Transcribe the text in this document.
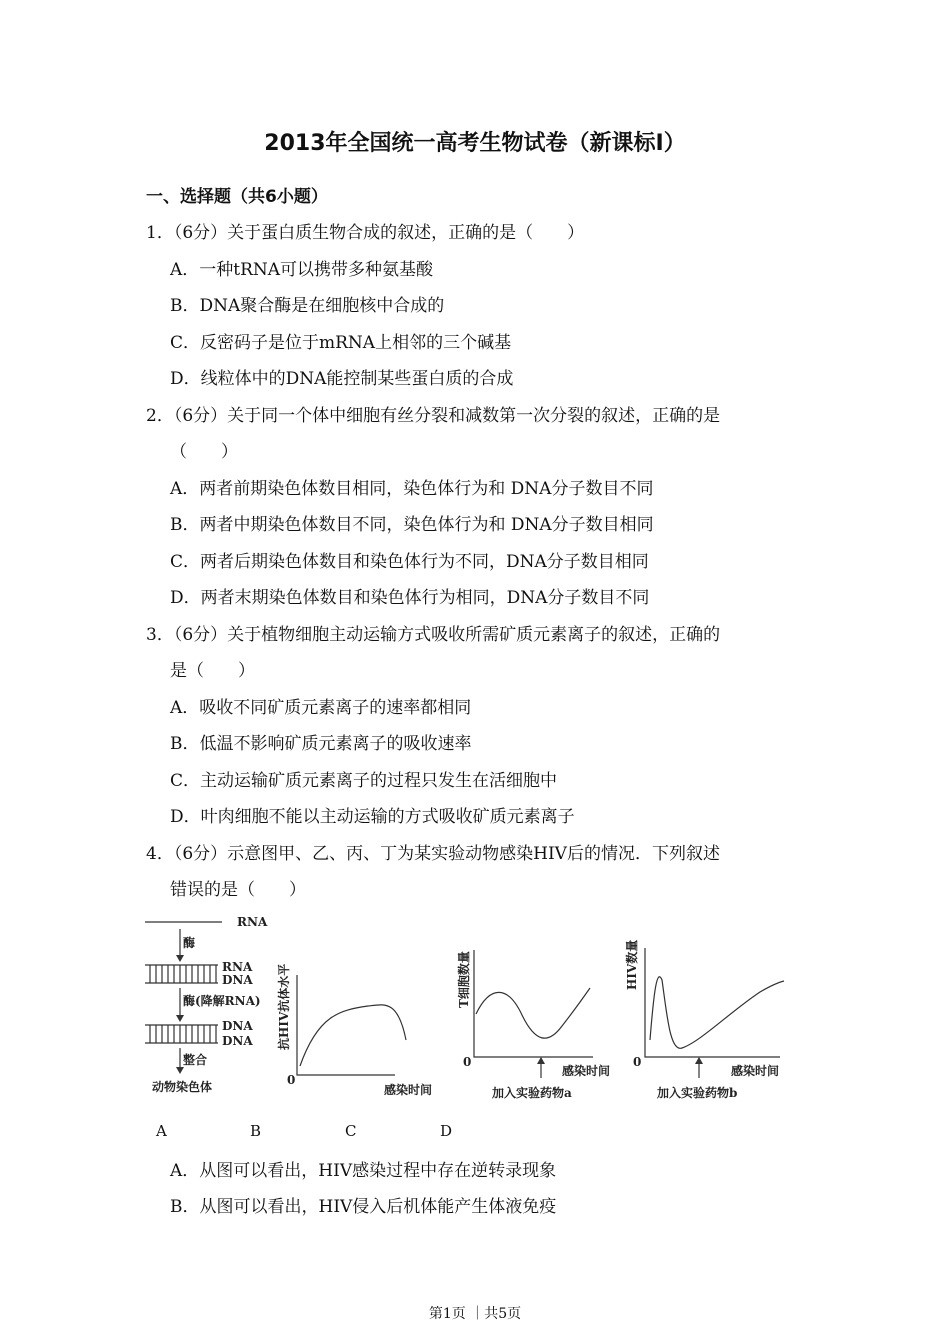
2013年全国统一高考生物试卷（新课标Ⅰ）
一、选择题（共6小题）
1．（6分）关于蛋白质生物合成的叙述，正确的是（　　）
A．一种tRNA可以携带多种氨基酸
B．DNA聚合酶是在细胞核中合成的
C．反密码子是位于mRNA上相邻的三个碱基
D．线粒体中的DNA能控制某些蛋白质的合成
2．（6分）关于同一个体中细胞有丝分裂和减数第一次分裂的叙述，正确的是
（　　）
A．两者前期染色体数目相同，染色体行为和 DNA分子数目不同
B．两者中期染色体数目不同，染色体行为和 DNA分子数目相同
C．两者后期染色体数目和染色体行为不同，DNA分子数目相同
D．两者末期染色体数目和染色体行为相同，DNA分子数目不同
3．（6分）关于植物细胞主动运输方式吸收所需矿质元素离子的叙述，正确的
是（　　）
A．吸收不同矿质元素离子的速率都相同
B．低温不影响矿质元素离子的吸收速率
C．主动运输矿质元素离子的过程只发生在活细胞中
D．叶肉细胞不能以主动运输的方式吸收矿质元素离子
4．（6分）示意图甲、乙、丙、丁为某实验动物感染HIV后的情况．下列叙述
错误的是（　　）
RNA
酶
RNA
DNA
酶(降解RNA)
DNA
DNA
整合
动物染色体
抗HIV抗体水平
0
感染时间
T细胞数量
0
感染时间
加入实验药物a
HIV数量
0
感染时间
加入实验药物b
A	B	C	D
A．从图可以看出，HIV感染过程中存在逆转录现象
B．从图可以看出，HIV侵入后机体能产生体液免疫
第1页 ｜共5页
